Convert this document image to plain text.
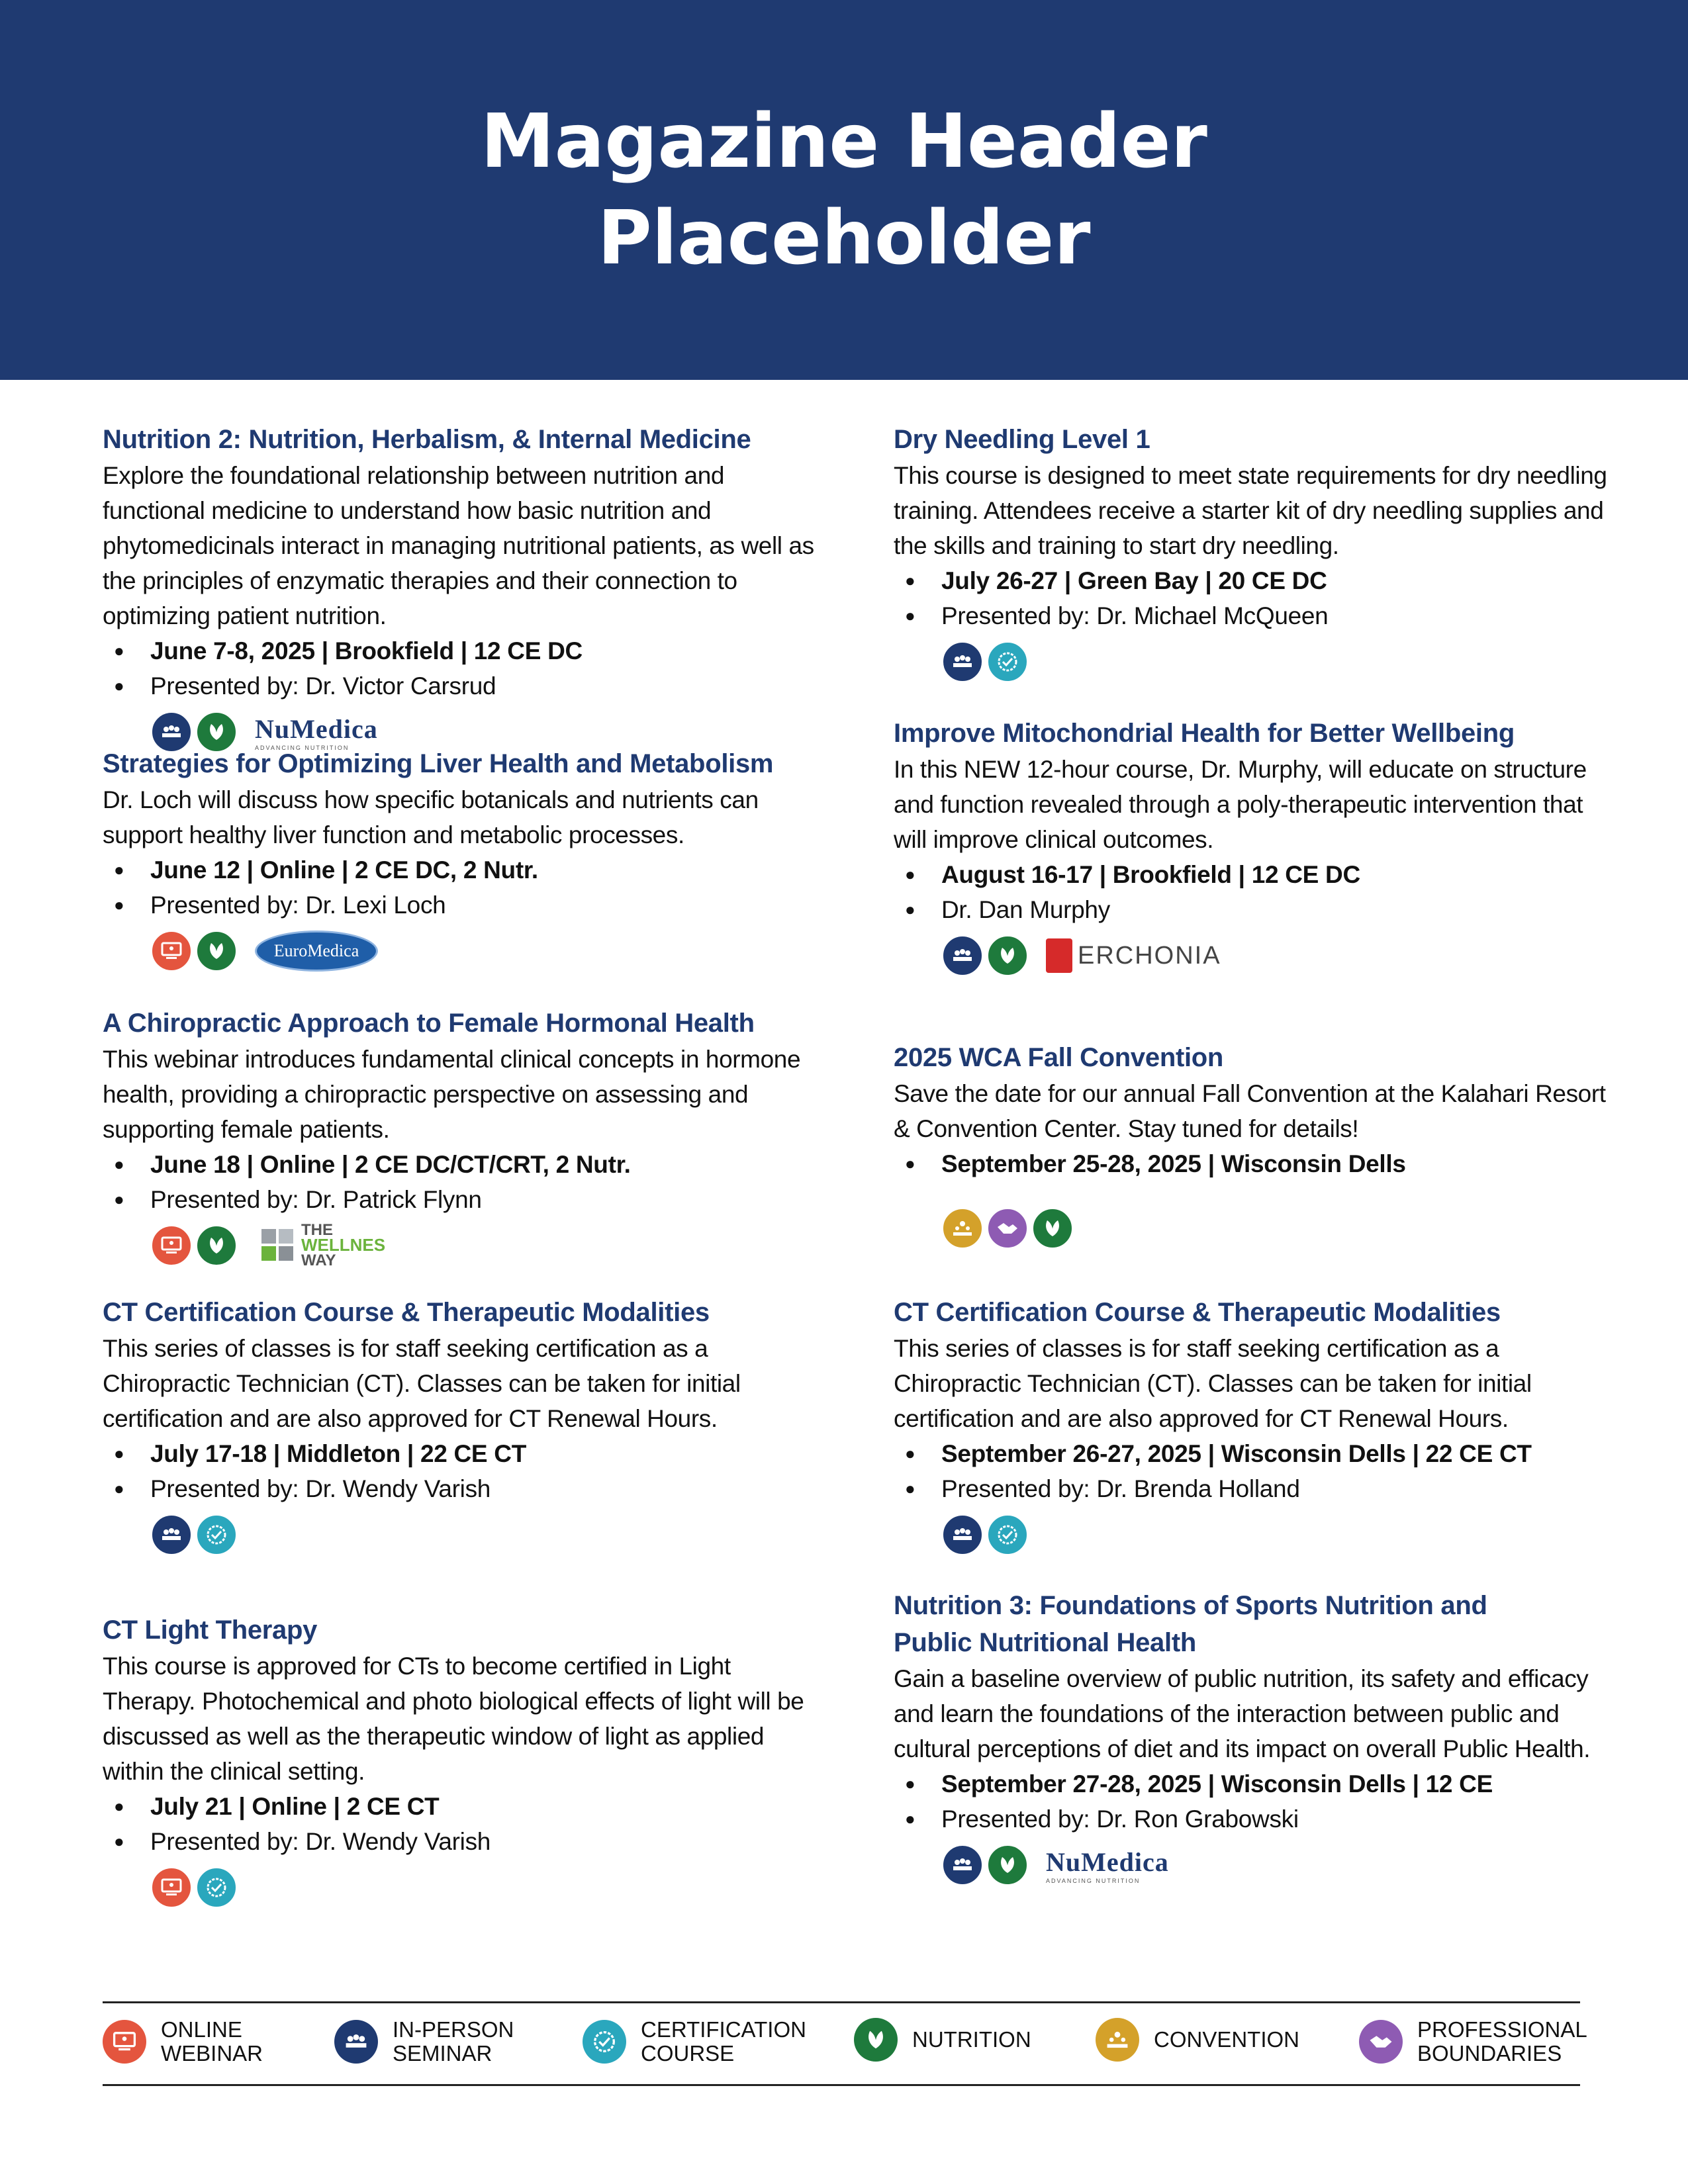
Magazine Header Placeholder

Nutrition 2: Nutrition, Herbalism, & Internal Medicine

Explore the foundational relationship between nutrition and functional medicine to understand how basic nutrition and phytomedicinals interact in managing nutritional patients, as well as the principles of enzymatic therapies and their connection to optimizing patient nutrition.

● June 7-8, 2025 | Brookfield | 12 CE DC
● Presented by: Dr. Victor Carsrud
NuMedica
ADVANCING NUTRITION

Strategies for Optimizing Liver Health and Metabolism

Dr. Loch will discuss how specific botanicals and nutrients can support healthy liver function and metabolic processes.

● June 12 | Online | 2 CE DC, 2 Nutr.
● Presented by: Dr. Lexi Loch
EuroMedica

A Chiropractic Approach to Female Hormonal Health

This webinar introduces fundamental clinical concepts in hormone health, providing a chiropractic perspective on assessing and supporting female patients.

● June 18 | Online | 2 CE DC/CT/CRT, 2 Nutr.
● Presented by: Dr. Patrick Flynn
THE
WELLNES
WAY

CT Certification Course & Therapeutic Modalities

This series of classes is for staff seeking certification as a Chiropractic Technician (CT). Classes can be taken for initial certification and are also approved for CT Renewal Hours.

● July 17-18 | Middleton | 22 CE CT
● Presented by: Dr. Wendy Varish

CT Light Therapy

This course is approved for CTs to become certified in Light Therapy. Photochemical and photo biological effects of light will be discussed as well as the therapeutic window of light as applied within the clinical setting.

● July 21 | Online | 2 CE CT
● Presented by: Dr. Wendy Varish

Dry Needling Level 1

This course is designed to meet state requirements for dry needling training. Attendees receive a starter kit of dry needling supplies and the skills and training to start dry needling.

● July 26-27 | Green Bay | 20 CE DC
● Presented by: Dr. Michael McQueen

Improve Mitochondrial Health for Better Wellbeing

In this NEW 12-hour course, Dr. Murphy, will educate on structure and function revealed through a poly-therapeutic intervention that will improve clinical outcomes.

● August 16-17 | Brookfield | 12 CE DC
● Dr. Dan Murphy
ERCHONIA

2025 WCA Fall Convention

Save the date for our annual Fall Convention at the Kalahari Resort & Convention Center. Stay tuned for details!

● September 25-28, 2025 | Wisconsin Dells

CT Certification Course & Therapeutic Modalities

This series of classes is for staff seeking certification as a Chiropractic Technician (CT). Classes can be taken for initial certification and are also approved for CT Renewal Hours.

● September 26-27, 2025 | Wisconsin Dells | 22 CE CT
● Presented by: Dr. Brenda Holland

Nutrition 3: Foundations of Sports Nutrition and Public Nutritional Health

Gain a baseline overview of public nutrition, its safety and efficacy and learn the foundations of the interaction between public and cultural perceptions of diet and its impact on overall Public Health.

● September 27-28, 2025 | Wisconsin Dells | 12 CE
● Presented by: Dr. Ron Grabowski
NuMedica
ADVANCING NUTRITION
ONLINE
WEBINAR
IN-PERSON
SEMINAR
CERTIFICATION
COURSE
NUTRITION	CONVENTION	PROFESSIONAL
BOUNDARIES
